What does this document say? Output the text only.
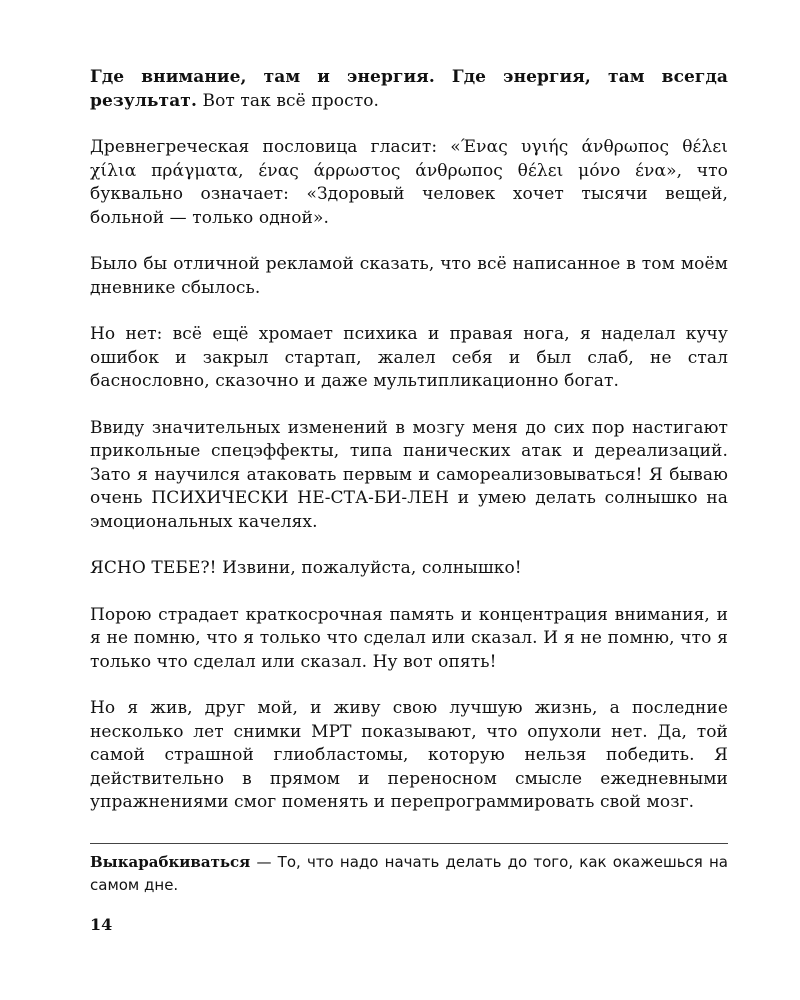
Где внимание, там и энергия. Где энергия, там всегда результат. Вот так всё просто.

Древнегреческая пословица гласит: «Ένας υγιής άνθρωπος θέλει χίλια πράγματα, ένας άρρωστος άνθρωπος θέλει μόνο ένα», что буквально означает: «Здоровый человек хочет тысячи вещей, больной — только одной».

Было бы отличной рекламой сказать, что всё написанное в том моём дневнике сбылось.

Но нет: всё ещё хромает психика и правая нога, я наделал кучу ошибок и закрыл стартап, жалел себя и был слаб, не стал баснословно, сказочно и даже мультипликационно богат.

Ввиду значительных изменений в мозгу меня до сих пор настигают прикольные спецэффекты, типа панических атак и дереализаций. Зато я научился атаковать первым и самореализовываться! Я бываю очень ПСИХИЧЕСКИ НЕ-СТА-БИ-ЛЕН и умею делать солнышко на эмоциональных качелях.

ЯСНО ТЕБЕ?! Извини, пожалуйста, солнышко!

Порою страдает краткосрочная память и концентрация внимания, и я не помню, что я только что сделал или сказал. И я не помню, что я только что сделал или сказал. Ну вот опять!

Но я жив, друг мой, и живу свою лучшую жизнь, а последние несколько лет снимки МРТ показывают, что опухоли нет. Да, той самой страшной глиобластомы, которую нельзя победить. Я действительно в прямом и переносном смысле ежедневными упражнениями смог поменять и перепрограммировать свой мозг.

Выкарабкиваться — То, что надо начать делать до того, как окажешься на самом дне.

14
